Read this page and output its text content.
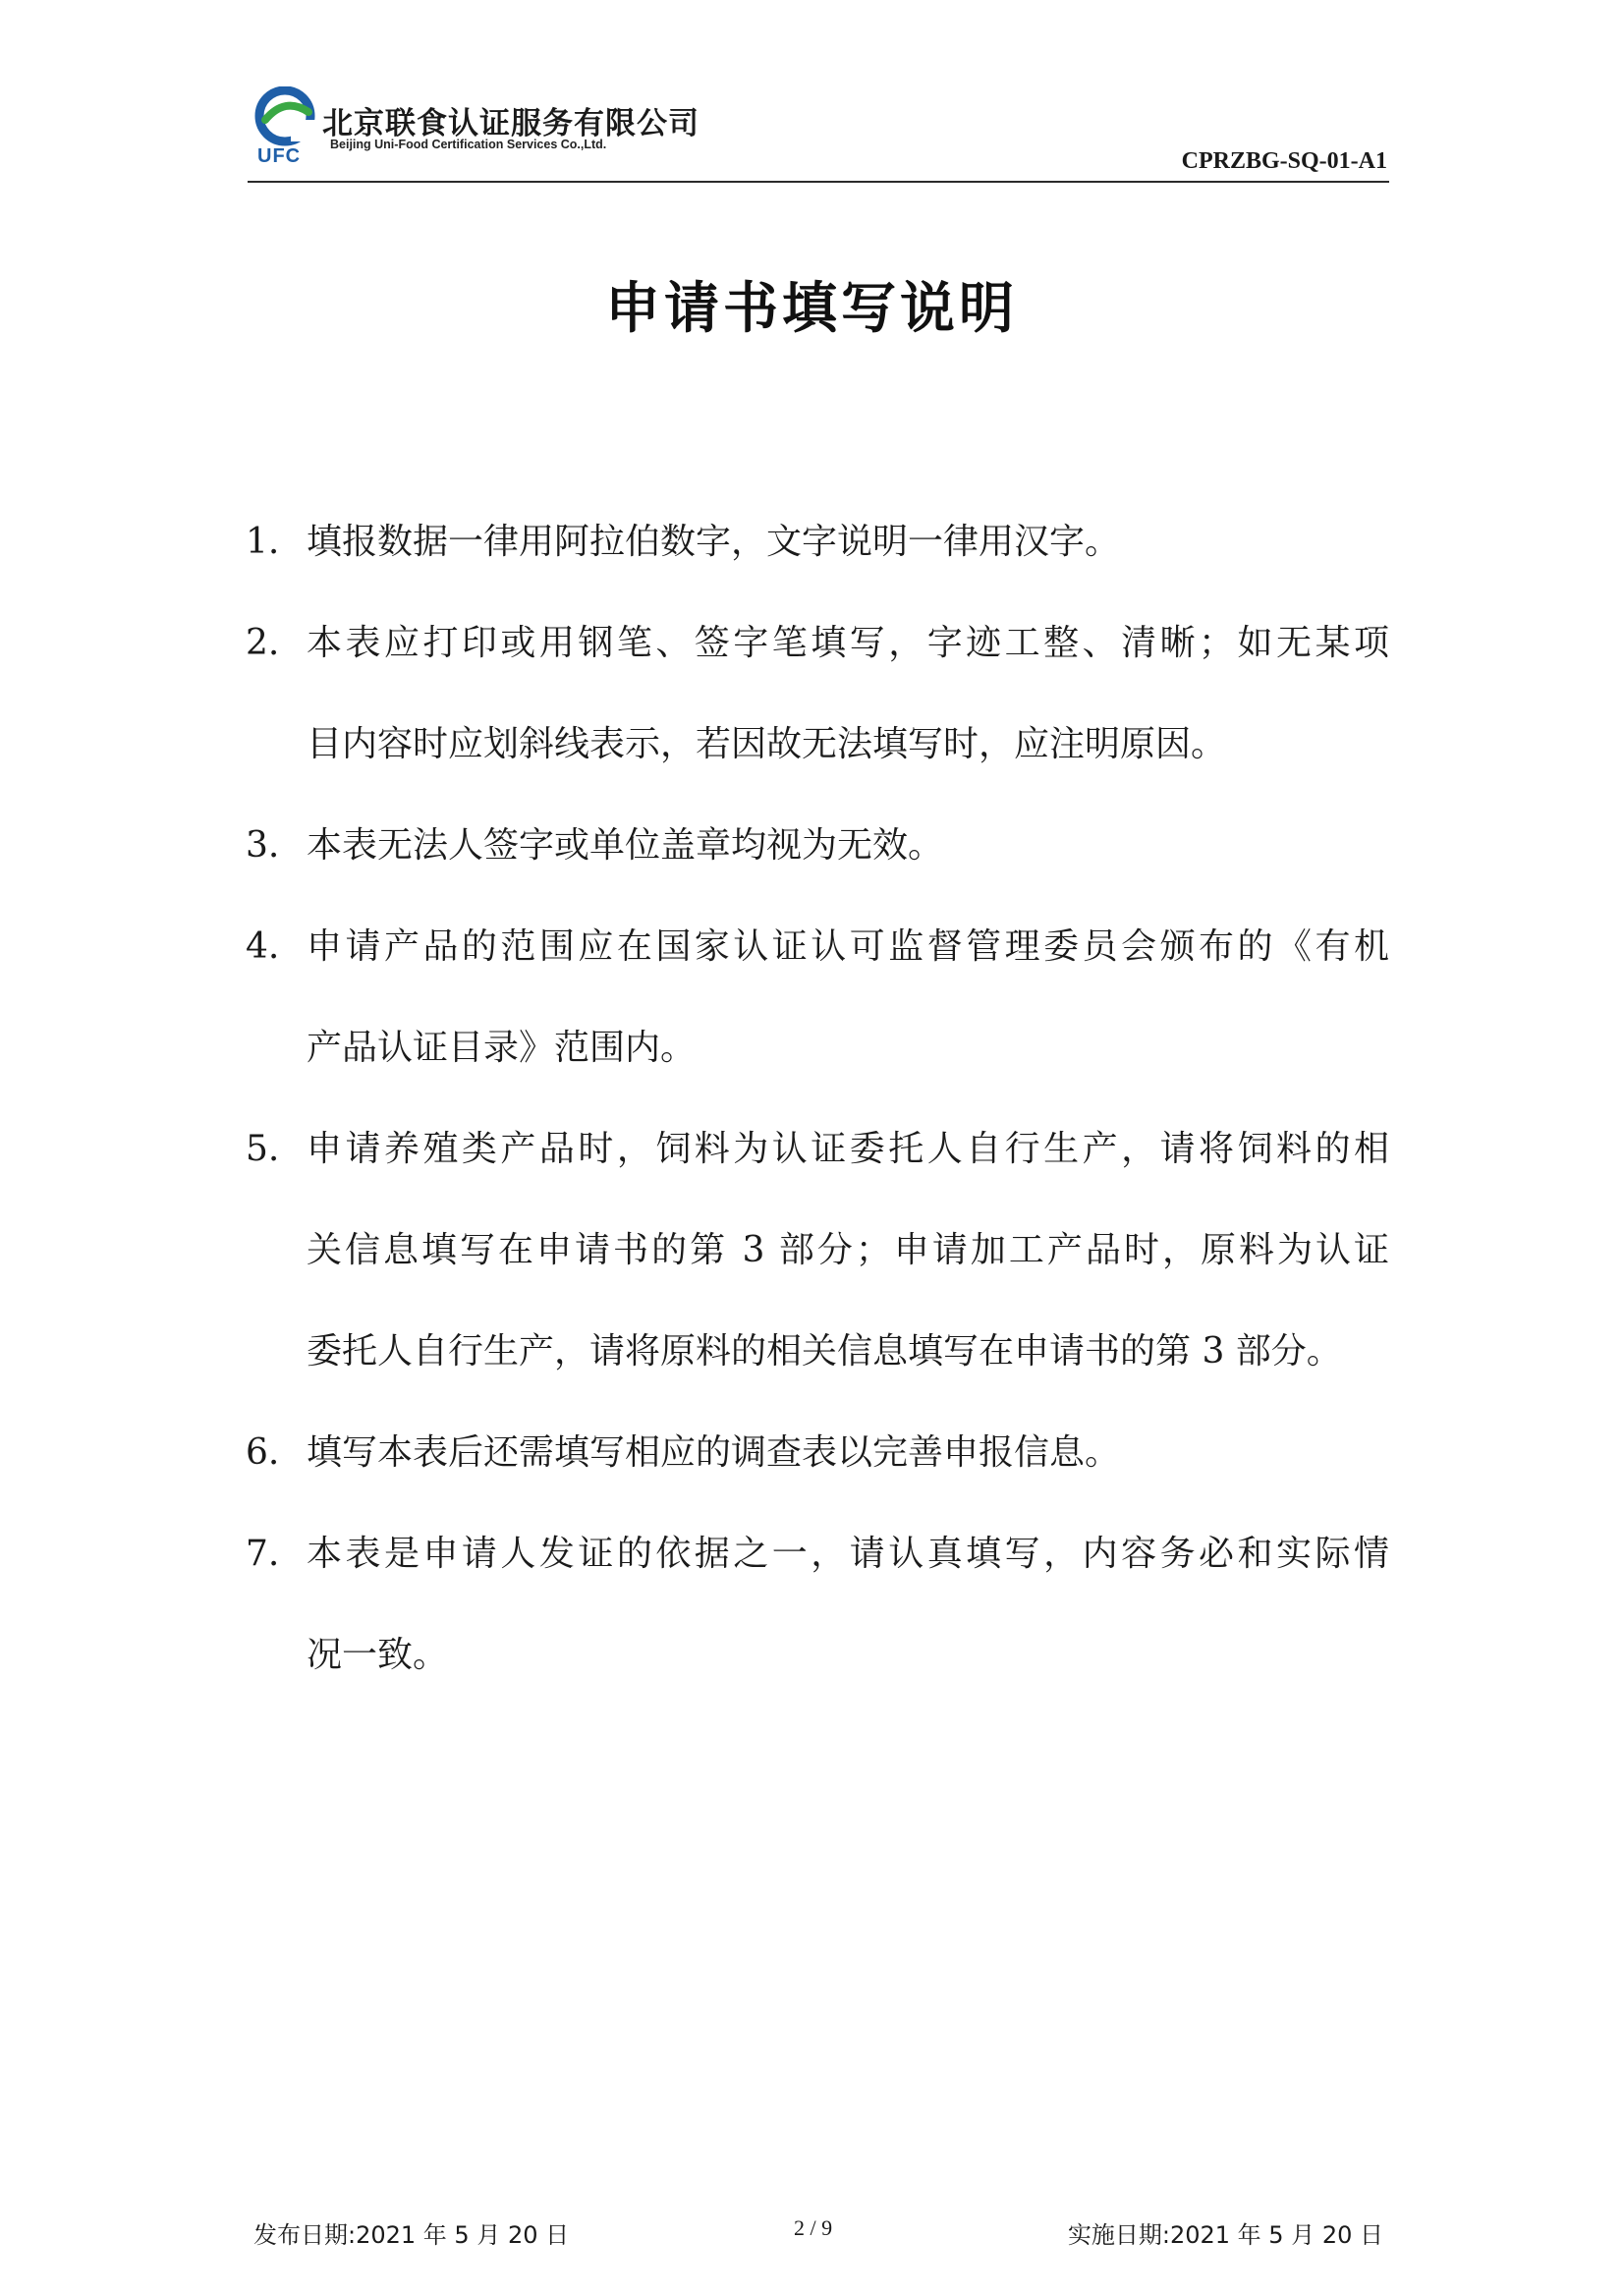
北京联食认证服务有限公司
Beijing Uni-Food Certification Services Co.,Ltd.
UFC	CPRZBG-SQ-01-A1
申请书填写说明
1. 填报数据一律用阿拉伯数字，文字说明一律用汉字。
2. 本表应打印或用钢笔、签字笔填写，字迹工整、清晰；如无某项
目内容时应划斜线表示，若因故无法填写时，应注明原因。
3. 本表无法人签字或单位盖章均视为无效。
4. 申请产品的范围应在国家认证认可监督管理委员会颁布的《有机
产品认证目录》范围内。
5. 申请养殖类产品时，饲料为认证委托人自行生产，请将饲料的相
关信息填写在申请书的第 3 部分；申请加工产品时，原料为认证
委托人自行生产，请将原料的相关信息填写在申请书的第 3 部分。
6. 填写本表后还需填写相应的调查表以完善申报信息。
7. 本表是申请人发证的依据之一，请认真填写，内容务必和实际情
况一致。
发布日期:2021 年 5 月 20 日	2 / 9	实施日期:2021 年 5 月 20 日
